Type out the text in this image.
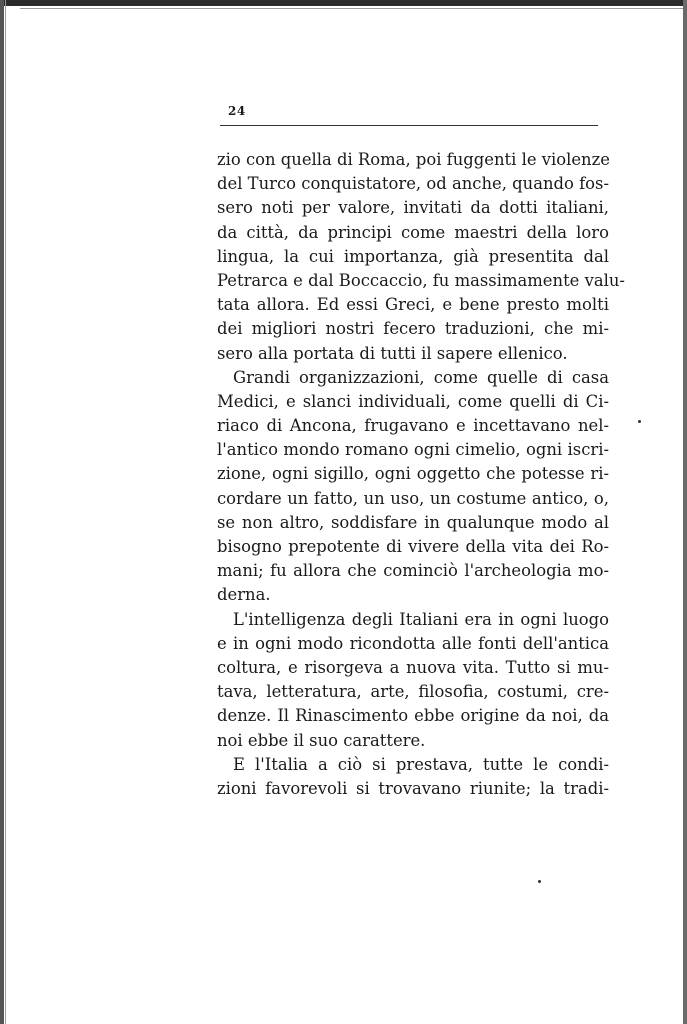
24
zio con quella di Roma, poi fuggenti le violenze
del Turco conquistatore, od anche, quando fos-
sero noti per valore, invitati da dotti italiani,
da città, da principi come maestri della loro
lingua, la cui importanza, già presentita dal
Petrarca e dal Boccaccio, fu massimamente valu-
tata allora. Ed essi Greci, e bene presto molti
dei migliori nostri fecero traduzioni, che mi-
sero alla portata di tutti il sapere ellenico.
Grandi organizzazioni, come quelle di casa
Medici, e slanci individuali, come quelli di Ci-
riaco di Ancona, frugavano e incettavano nel-
l'antico mondo romano ogni cimelio, ogni iscri-
zione, ogni sigillo, ogni oggetto che potesse ri-
cordare un fatto, un uso, un costume antico, o,
se non altro, soddisfare in qualunque modo al
bisogno prepotente di vivere della vita dei Ro-
mani; fu allora che cominciò l'archeologia mo-
derna.
L'intelligenza degli Italiani era in ogni luogo
e in ogni modo ricondotta alle fonti dell'antica
coltura, e risorgeva a nuova vita. Tutto si mu-
tava, letteratura, arte, filosofia, costumi, cre-
denze. Il Rinascimento ebbe origine da noi, da
noi ebbe il suo carattere.
E l'Italia a ciò si prestava, tutte le condi-
zioni favorevoli si trovavano riunite; la tradi-
